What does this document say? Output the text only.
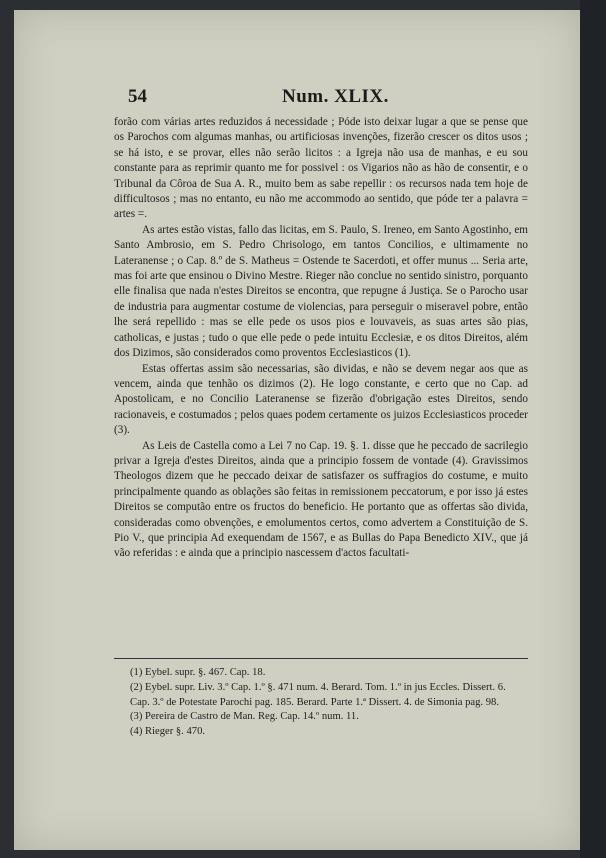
54	Num. XLIX.

forão com várias artes reduzidos á necessidade ; Póde isto deixar lugar a que se pense que os Parochos com algumas manhas, ou artificiosas invenções, fizerão crescer os ditos usos ; se há isto, e se provar, elles não serão licitos : a Igreja não usa de manhas, e eu sou constante para as reprimir quanto me for possivel : os Vigarios não as hão de consentir, e o Tribunal da Côroa de Sua A. R., muito bem as sabe repellir : os recursos nada tem hoje de difficultosos ; mas no entanto, eu não me accommodo ao sentido, que póde ter a palavra = artes =.

As artes estão vistas, fallo das licitas, em S. Paulo, S. Ireneo, em Santo Agostinho, em Santo Ambrosio, em S. Pedro Chrisologo, em tantos Concilios, e ultimamente no Lateranense ; o Cap. 8.º de S. Matheus = Ostende te Sacerdoti, et offer munus ... Seria arte, mas foi arte que ensinou o Divino Mestre. Rieger não conclue no sentido sinistro, porquanto elle finalisa que nada n'estes Direitos se encontra, que repugne á Justiça. Se o Parocho usar de industria para augmentar costume de violencias, para perseguir o miseravel pobre, então lhe será repellido : mas se elle pede os usos pios e louvaveis, as suas artes são pias, catholicas, e justas ; tudo o que elle pede o pede intuitu Ecclesiæ, e os ditos Direitos, além dos Dizimos, são considerados como proventos Ecclesiasticos (1).

Estas offertas assim são necessarias, são dividas, e não se devem negar aos que as vencem, ainda que tenhão os dizimos (2). He logo constante, e certo que no Cap. ad Apostolicam, e no Concilio Lateranense se fizerão d'obrigação estes Direitos, sendo racionaveis, e costumados ; pelos quaes podem certamente os juizos Ecclesiasticos proceder (3).

As Leis de Castella como a Lei 7 no Cap. 19. §. 1. disse que he peccado de sacrilegio privar a Igreja d'estes Direitos, ainda que a principio fossem de vontade (4). Gravissimos Theologos dizem que he peccado deixar de satisfazer os suffragios do costume, e muito principalmente quando as oblações são feitas in remissionem peccatorum, e por isso já estes Direitos se computão entre os fructos do beneficio. He portanto que as offertas são divida, consideradas como obvenções, e emolumentos certos, como advertem a Constituição de S. Pio V., que principia Ad exequendam de 1567, e as Bullas do Papa Benedicto XIV., que já vão referidas : e ainda que a principio nascessem d'actos facultati-

(1) Eybel. supr. §. 467. Cap. 18.

(2) Eybel. supr. Liv. 3.º Cap. 1.º §. 471 num. 4. Berard. Tom. 1.º in jus Eccles. Dissert. 6. Cap. 3.º de Potestate Parochi pag. 185. Berard. Parte 1.ª Dissert. 4. de Simonia pag. 98.

(3) Pereira de Castro de Man. Reg. Cap. 14.º num. 11.

(4) Rieger §. 470.
